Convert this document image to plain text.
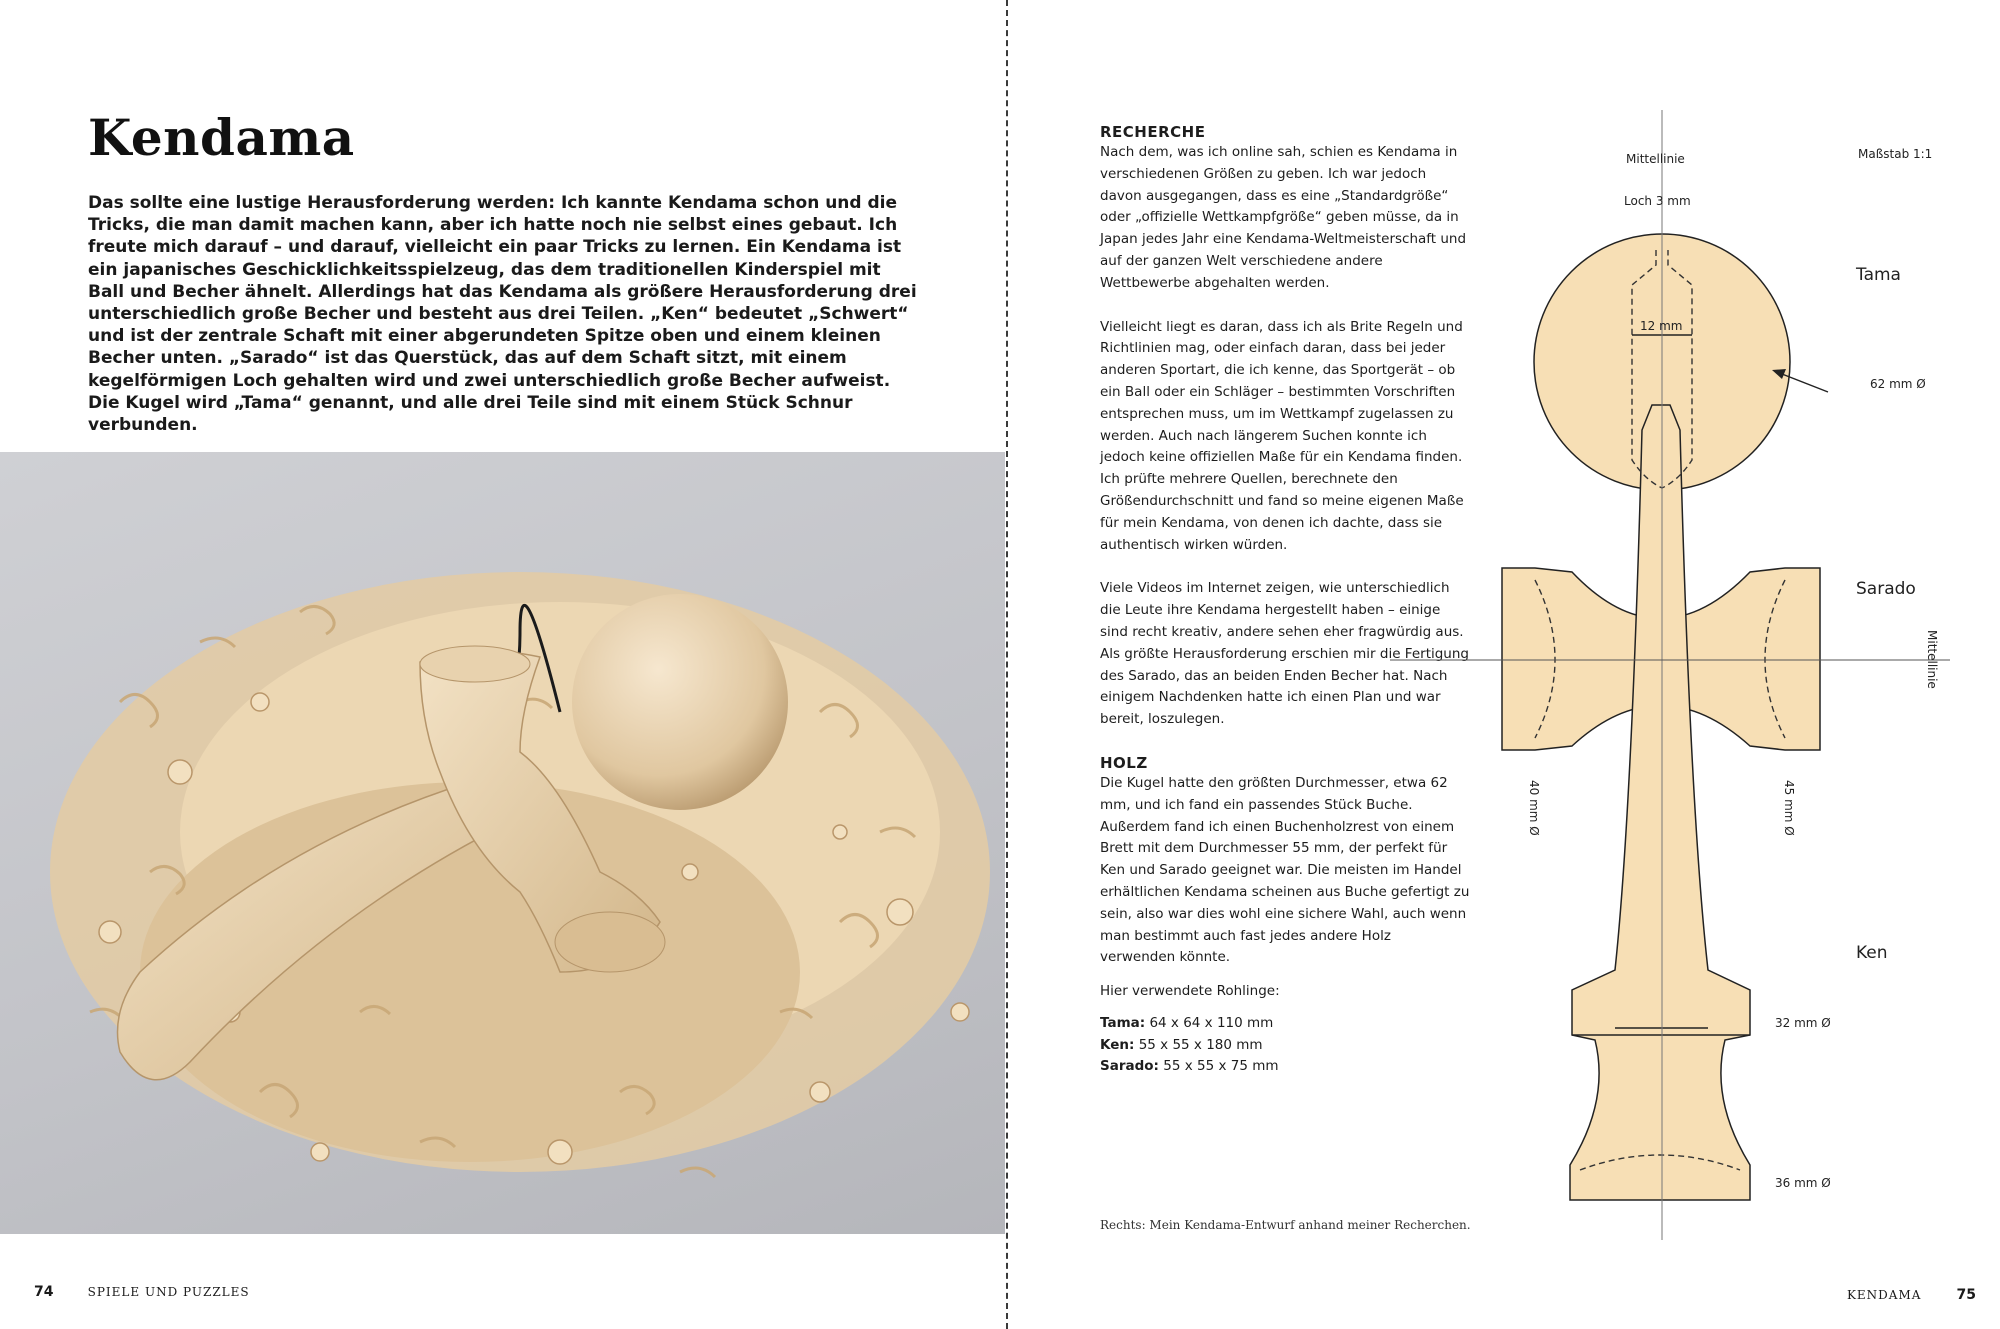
Kendama

Das sollte eine lustige Herausforderung werden: Ich kannte Kendama schon und die Tricks, die man damit machen kann, aber ich hatte noch nie selbst eines gebaut. Ich freute mich darauf – und darauf, vielleicht ein paar Tricks zu lernen. Ein Kendama ist ein japanisches Geschicklichkeitsspielzeug, das dem traditionellen Kinderspiel mit Ball und Becher ähnelt. Allerdings hat das Kendama als größere Herausforderung drei unterschiedlich große Becher und besteht aus drei Teilen. „Ken“ bedeutet „Schwert“ und ist der zentrale Schaft mit einer abgerundeten Spitze oben und einem kleinen Becher unten. „Sarado“ ist das Querstück, das auf dem Schaft sitzt, mit einem kegelförmigen Loch gehalten wird und zwei unterschiedlich große Becher aufweist. Die Kugel wird „Tama“ genannt, und alle drei Teile sind mit einem Stück Schnur verbunden.

74	SPIELE UND PUZZLES
RECHERCHE

Nach dem, was ich online sah, schien es Kendama in verschiedenen Größen zu geben. Ich war jedoch davon ausgegangen, dass es eine „Standardgröße“ oder „offizielle Wettkampfgröße“ geben müsse, da in Japan jedes Jahr eine Kendama-Weltmeisterschaft und auf der ganzen Welt verschiedene andere Wettbewerbe abgehalten werden.

Vielleicht liegt es daran, dass ich als Brite Regeln und Richtlinien mag, oder einfach daran, dass bei jeder anderen Sportart, die ich kenne, das Sportgerät – ob ein Ball oder ein Schläger – bestimmten Vorschriften entsprechen muss, um im Wettkampf zugelassen zu werden. Auch nach längerem Suchen konnte ich jedoch keine offiziellen Maße für ein Kendama finden. Ich prüfte mehrere Quellen, berechnete den Größendurchschnitt und fand so meine eigenen Maße für mein Kendama, von denen ich dachte, dass sie authentisch wirken würden.

Viele Videos im Internet zeigen, wie unterschiedlich die Leute ihre Kendama hergestellt haben – einige sind recht kreativ, andere sehen eher fragwürdig aus. Als größte Herausforderung erschien mir die Fertigung des Sarado, das an beiden Enden Becher hat. Nach einigem Nachdenken hatte ich einen Plan und war bereit, loszulegen.

HOLZ

Die Kugel hatte den größten Durchmesser, etwa 62 mm, und ich fand ein passendes Stück Buche. Außerdem fand ich einen Buchenholzrest von einem Brett mit dem Durchmesser 55 mm, der perfekt für Ken und Sarado geeignet war. Die meisten im Handel erhältlichen Kendama scheinen aus Buche gefertigt zu sein, also war dies wohl eine sichere Wahl, auch wenn man bestimmt auch fast jedes andere Holz verwenden könnte.

Hier verwendete Rohlinge:

Tama: 64 x 64 x 110 mm
Ken: 55 x 55 x 180 mm
Sarado: 55 x 55 x 75 mm
Rechts: Mein Kendama-Entwurf anhand meiner Recherchen.
Mittellinie	Maßstab 1:1
Loch 3 mm
12 mm
Tama
62 mm Ø
Sarado
Mittellinie
40 mm Ø	45 mm Ø
Ken
32 mm Ø
36 mm Ø
KENDAMA	75
